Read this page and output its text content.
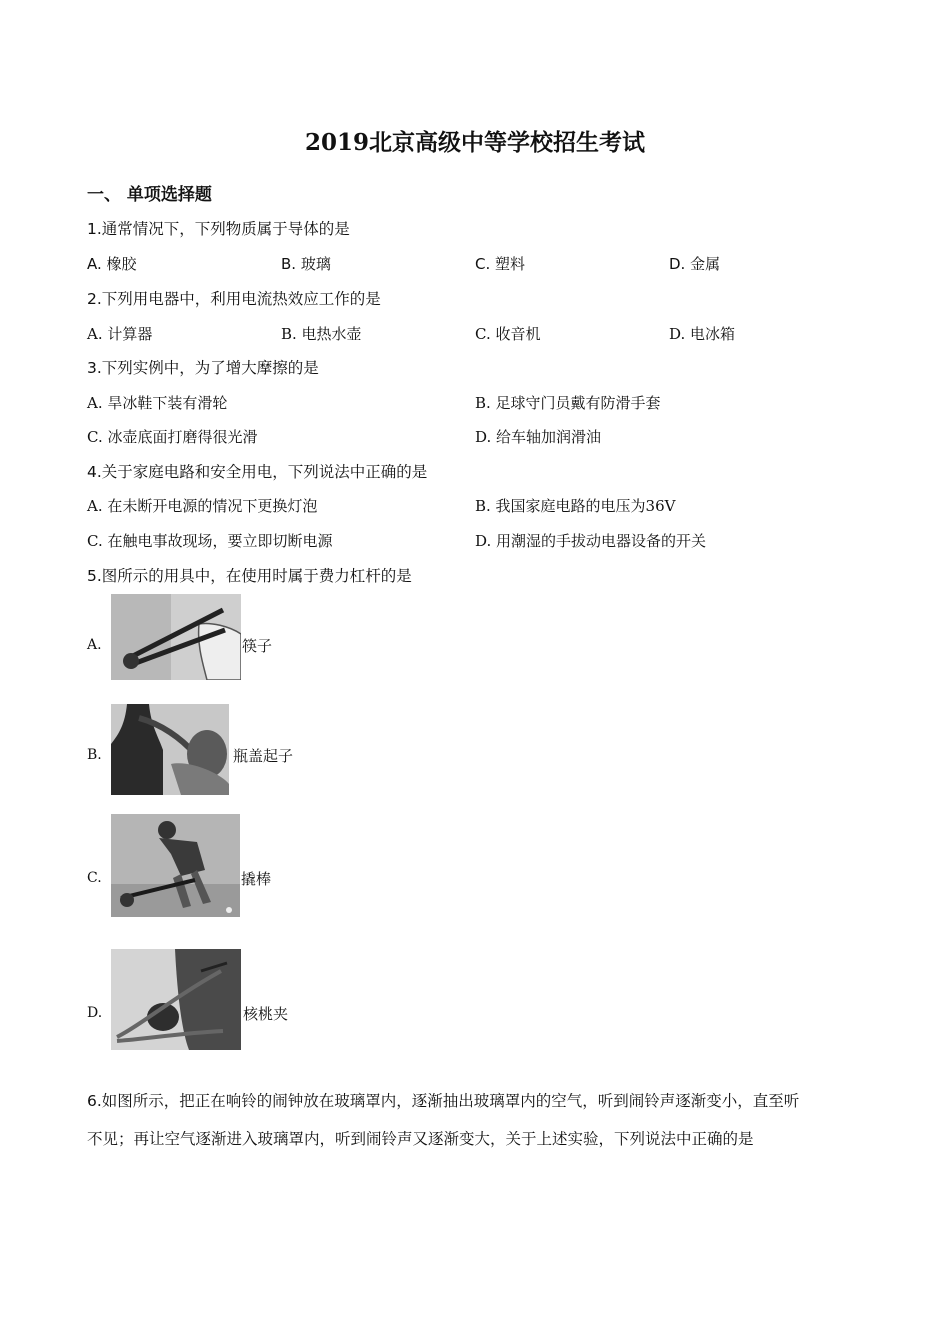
2019北京高级中等学校招生考试
一、 单项选择题
1.通常情况下，下列物质属于导体的是
A. 橡胶	B. 玻璃	C. 塑料	D. 金属
2.下列用电器中，利用电流热效应工作的是
A. 计算器	B. 电热水壶	C. 收音机	D. 电冰箱
3.下列实例中，为了增大摩擦的是
A. 旱冰鞋下装有滑轮	B. 足球守门员戴有防滑手套
C. 冰壶底面打磨得很光滑	D. 给车轴加润滑油
4.关于家庭电路和安全用电，下列说法中正确的是
A. 在未断开电源的情况下更换灯泡	B. 我国家庭电路的电压为36V
C. 在触电事故现场，要立即切断电源	D. 用潮湿的手拔动电器设备的开关
5.图所示的用具中，在使用时属于费力杠杆的是
A.	筷子
B.	瓶盖起子
C.	撬棒
D.	核桃夹
6.如图所示，把正在响铃的闹钟放在玻璃罩内，逐渐抽出玻璃罩内的空气，听到闹铃声逐渐变小，直至听
不见；再让空气逐渐进入玻璃罩内，听到闹铃声又逐渐变大，关于上述实验，下列说法中正确的是
